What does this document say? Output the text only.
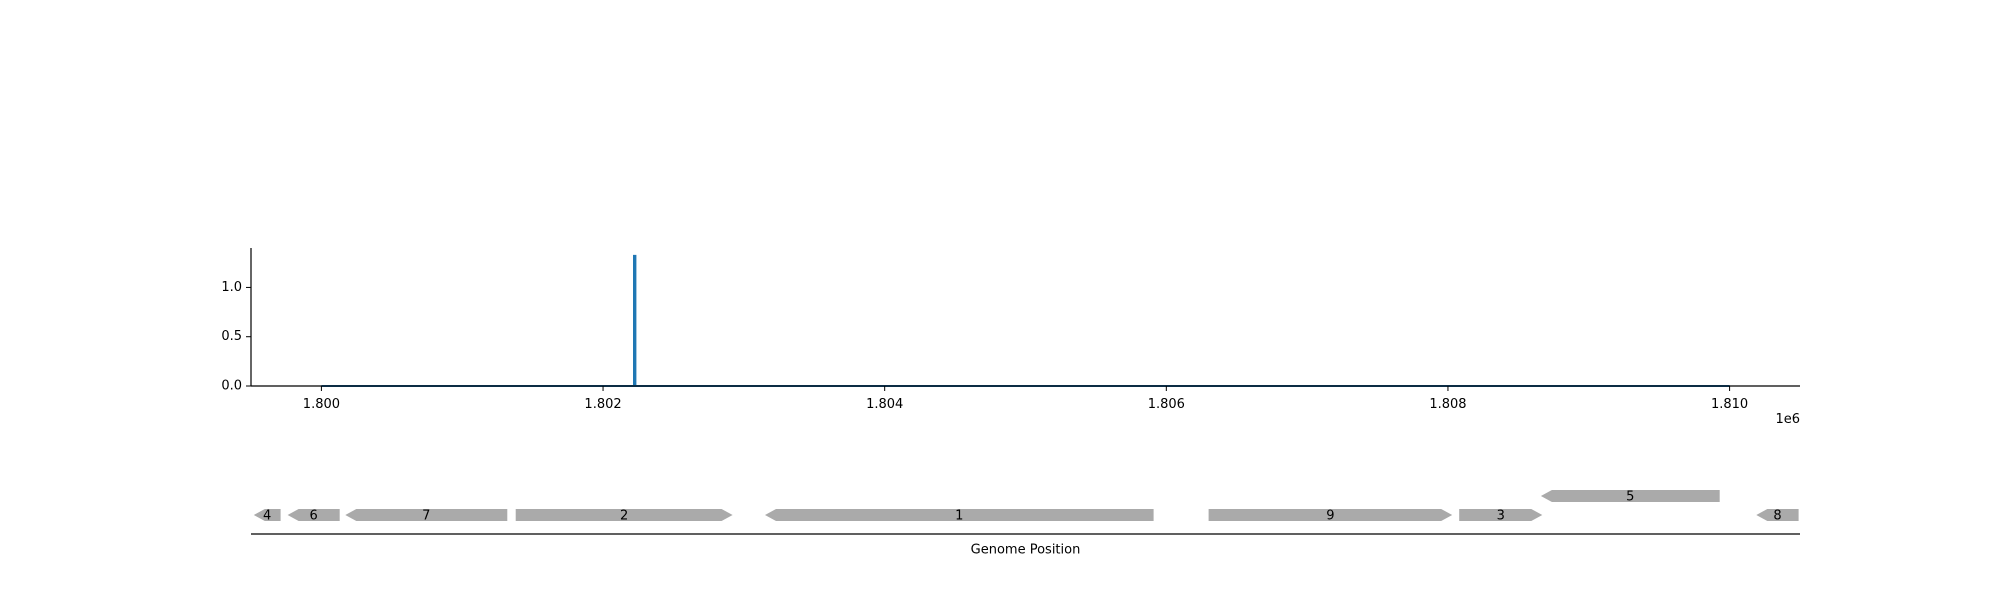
1.800	1.802	1.804	1.806	1.808	1.810
0.0
0.5
1.0
1e6
4	6	7	2	1	9	3
5
8
Genome Position
